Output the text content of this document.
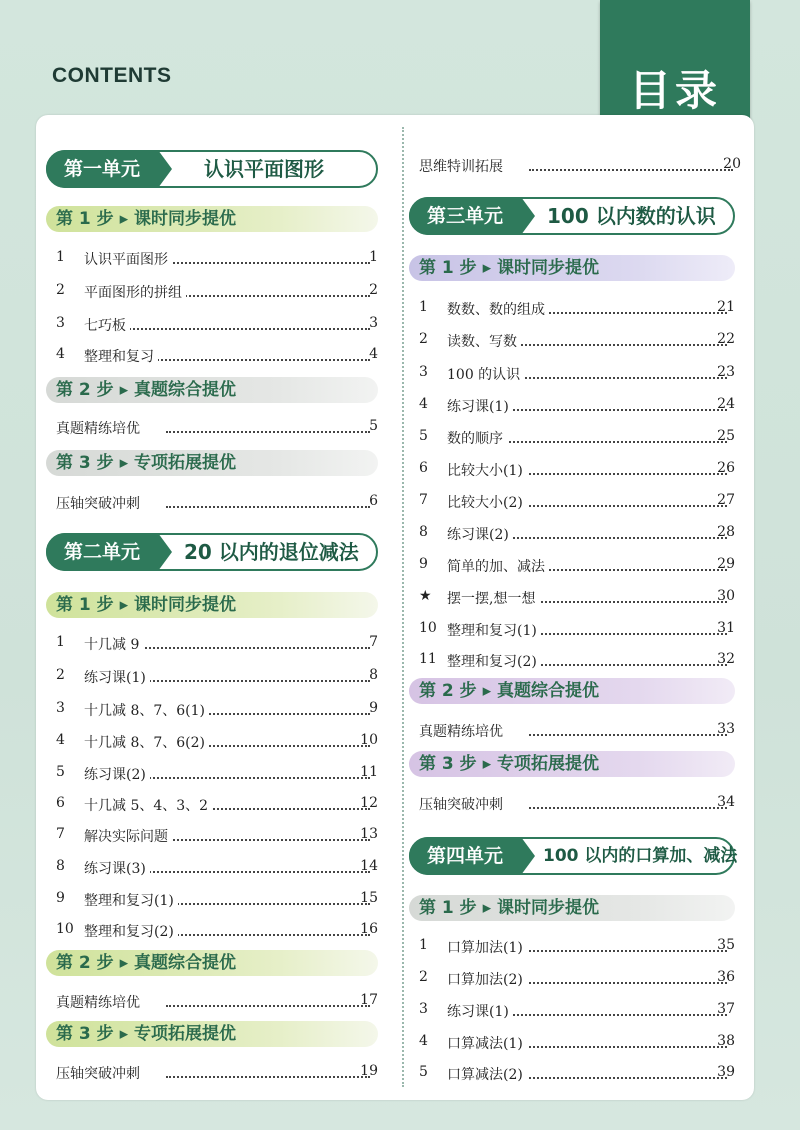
CONTENTS	目录
第一单元	认识平面图形
第 1 步 ▸ 课时同步提优
1	认识平面图形	1
2	平面图形的拼组	2
3	七巧板	3
4	整理和复习	4
第 2 步 ▸ 真题综合提优
真题精练培优	5
第 3 步 ▸ 专项拓展提优
压轴突破冲刺	6
第二单元	20 以内的退位减法
第 1 步 ▸ 课时同步提优
1	十几减 9	7
2	练习课(1)	8
3	十几减 8、7、6(1)	9
4	十几减 8、7、6(2)	10
5	练习课(2)	11
6	十几减 5、4、3、2	12
7	解决实际问题	13
8	练习课(3)	14
9	整理和复习(1)	15
10 整理和复习(2)	16
第 2 步 ▸ 真题综合提优
真题精练培优	17
第 3 步 ▸ 专项拓展提优
压轴突破冲刺	19
思维特训拓展	20
第三单元	100 以内数的认识
第 1 步 ▸ 课时同步提优
1	数数、数的组成	21
2	读数、写数	22
3	100 的认识	23
4	练习课(1)	24
5	数的顺序	25
6	比较大小(1)	26
7	比较大小(2)	27
8	练习课(2)	28
9	简单的加、减法	29
★	摆一摆,想一想	30
10 整理和复习(1)	31
11 整理和复习(2)	32
第 2 步 ▸ 真题综合提优
真题精练培优	33
第 3 步 ▸ 专项拓展提优
压轴突破冲刺	34
第四单元	100 以内的口算加、减法
第 1 步 ▸ 课时同步提优
1	口算加法(1)	35
2	口算加法(2)	36
3	练习课(1)	37
4	口算减法(1)	38
5	口算减法(2)	39
